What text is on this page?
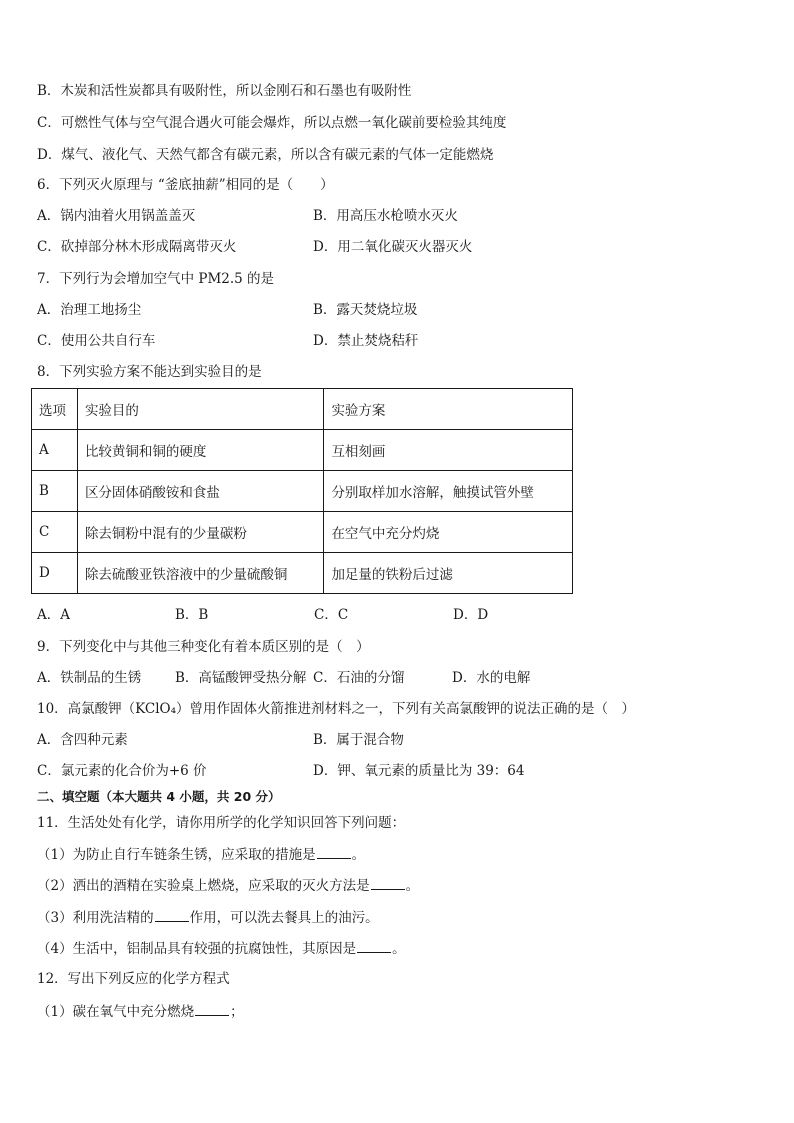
B．木炭和活性炭都具有吸附性，所以金刚石和石墨也有吸附性
C．可燃性气体与空气混合遇火可能会爆炸，所以点燃一氧化碳前要检验其纯度
D．煤气、液化气、天然气都含有碳元素，所以含有碳元素的气体一定能燃烧
6．下列灭火原理与 “釜底抽薪”相同的是（　　）
A．锅内油着火用锅盖盖灭	B．用高压水枪喷水灭火
C．砍掉部分林木形成隔离带灭火	D．用二氧化碳灭火器灭火
7．下列行为会增加空气中 PM2.5 的是
A．治理工地扬尘	B．露天焚烧垃圾
C．使用公共自行车	D．禁止焚烧秸秆
8．下列实验方案不能达到实验目的是
选项	实验目的	实验方案
A	比较黄铜和铜的硬度	互相刻画
B	区分固体硝酸铵和食盐	分别取样加水溶解，触摸试管外壁
C	除去铜粉中混有的少量碳粉	在空气中充分灼烧
D	除去硫酸亚铁溶液中的少量硫酸铜	加足量的铁粉后过滤
A．A	B．B	C．C	D．D
9．下列变化中与其他三种变化有着本质区别的是（　）
A．铁制品的生锈	B．高锰酸钾受热分解 C．石油的分馏	D．水的电解
10．高氯酸钾（KClO₄）曾用作固体火箭推进剂材料之一，下列有关高氯酸钾的说法正确的是（　）
A．含四种元素	B．属于混合物
C．氯元素的化合价为+6 价	D．钾、氧元素的质量比为 39：64
二、填空题（本大题共 4 小题，共 20 分）
11．生活处处有化学，请你用所学的化学知识回答下列问题：
（1）为防止自行车链条生锈，应采取的措施是	。
（2）洒出的酒精在实验桌上燃烧，应采取的灭火方法是	。
（3）利用洗洁精的	作用，可以洗去餐具上的油污。
（4）生活中，铝制品具有较强的抗腐蚀性，其原因是	。
12．写出下列反应的化学方程式
（1）碳在氧气中充分燃烧	；
